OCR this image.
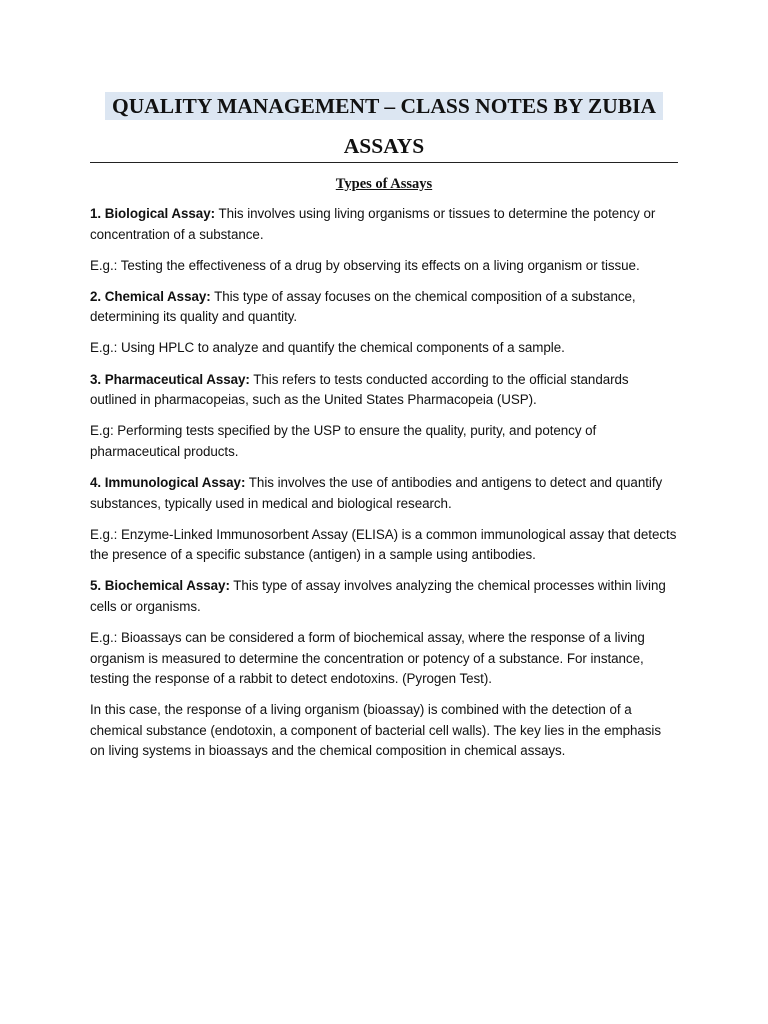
QUALITY MANAGEMENT – CLASS NOTES BY ZUBIA
ASSAYS
Types of Assays

1. Biological Assay: This involves using living organisms or tissues to determine the potency or concentration of a substance.

E.g.: Testing the effectiveness of a drug by observing its effects on a living organism or tissue.

2. Chemical Assay: This type of assay focuses on the chemical composition of a substance, determining its quality and quantity.

E.g.: Using HPLC to analyze and quantify the chemical components of a sample.

3. Pharmaceutical Assay: This refers to tests conducted according to the official standards outlined in pharmacopeias, such as the United States Pharmacopeia (USP).

E.g: Performing tests specified by the USP to ensure the quality, purity, and potency of pharmaceutical products.

4. Immunological Assay: This involves the use of antibodies and antigens to detect and quantify substances, typically used in medical and biological research.

E.g.: Enzyme-Linked Immunosorbent Assay (ELISA) is a common immunological assay that detects the presence of a specific substance (antigen) in a sample using antibodies.

5. Biochemical Assay: This type of assay involves analyzing the chemical processes within living cells or organisms.

E.g.: Bioassays can be considered a form of biochemical assay, where the response of a living organism is measured to determine the concentration or potency of a substance. For instance, testing the response of a rabbit to detect endotoxins. (Pyrogen Test).

In this case, the response of a living organism (bioassay) is combined with the detection of a chemical substance (endotoxin, a component of bacterial cell walls). The key lies in the emphasis on living systems in bioassays and the chemical composition in chemical assays.
